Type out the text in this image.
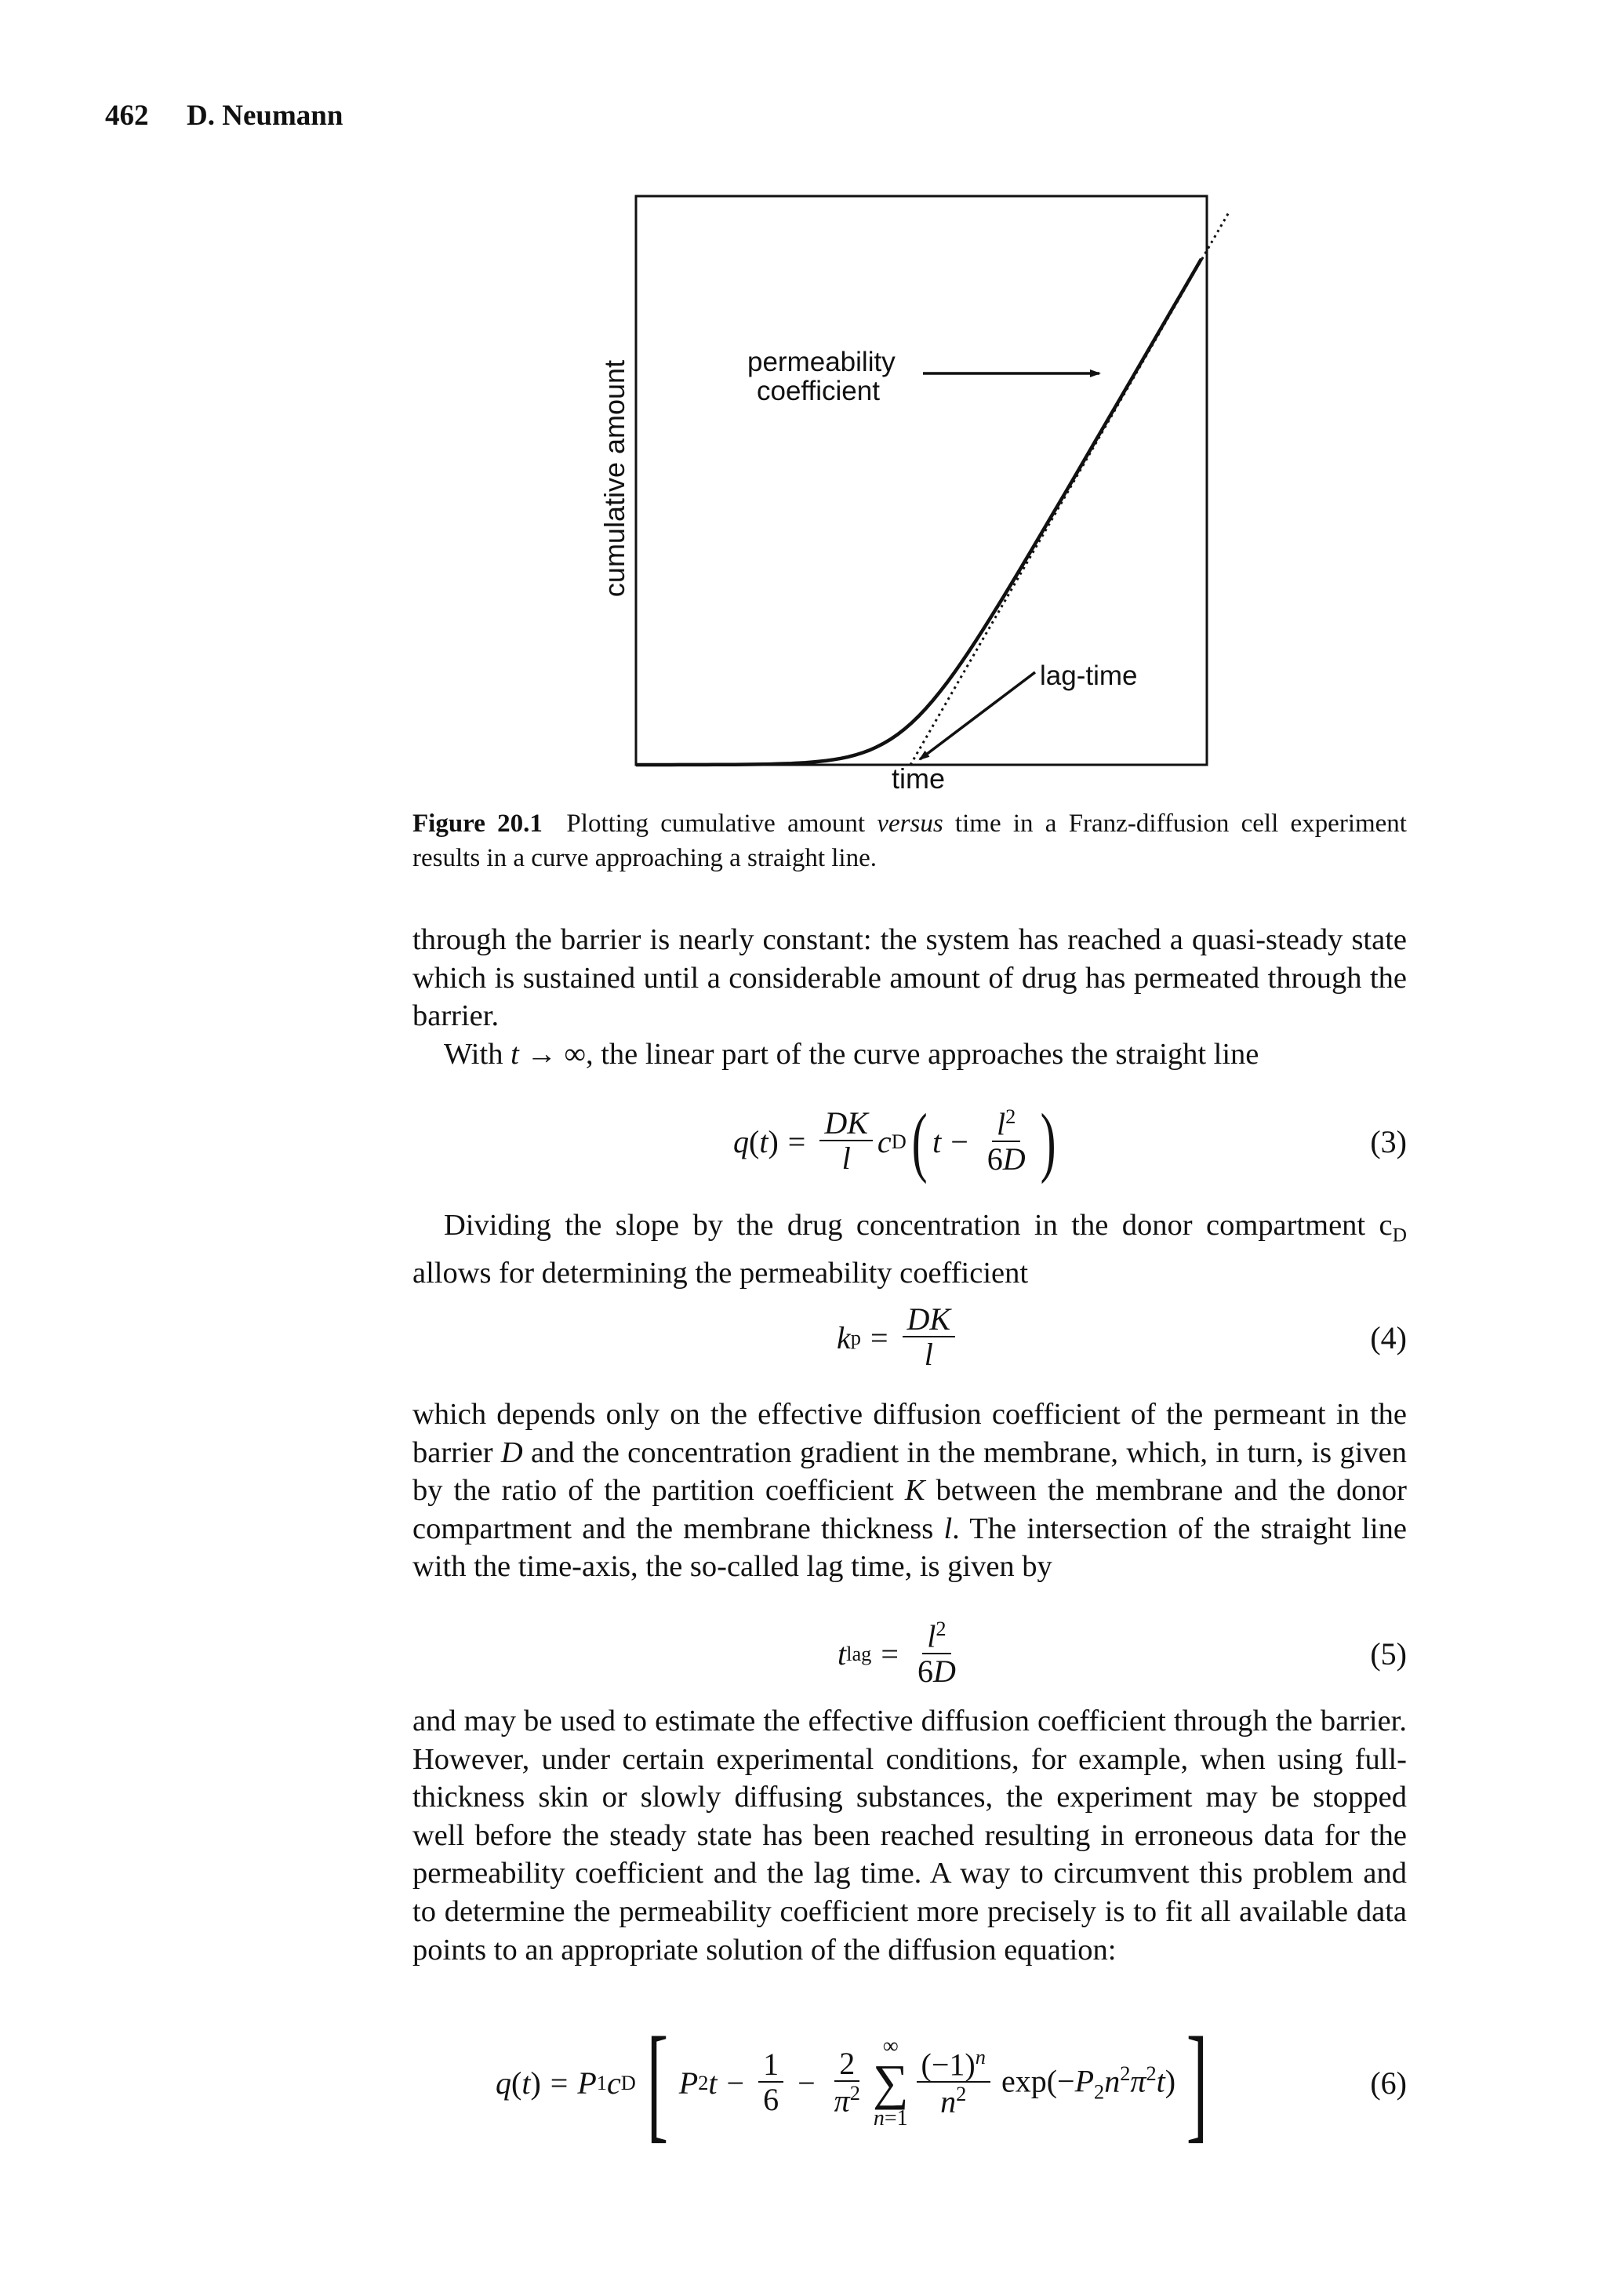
462 D. Neumann
permeability
coefficient
lag-time
time
cumulative amount
Figure 20.1 Plotting cumulative amount versus time in a Franz-diffusion cell experiment results in a curve approaching a straight line.

through the barrier is nearly constant: the system has reached a quasi-steady state which is sustained until a considerable amount of drug has permeated through the barrier.

With t → ∞, the linear part of the curve approaches the straight line

q ( t ) = $\frac{DK}{l}$ c D ( $t - \frac{l^2}{6D}$ )	(3)

Dividing the slope by the drug concentration in the donor compartment $c_D$ allows for determining the permeability coefficient

k $p = \frac{DK}{l}$	(4)

which depends only on the effective diffusion coefficient of the permeant in the barrier D and the concentration gradient in the membrane, which, in turn, is given by the ratio of the partition coefficient K between the membrane and the donor compartment and the membrane thickness l. The intersection of the straight line with the time-axis, the so-called lag time, is given by

t lag = $\frac{l^2}{6D}$	(5)

and may be used to estimate the effective diffusion coefficient through the barrier. However, under certain experimental conditions, for example, when using full-thickness skin or slowly diffusing substances, the experiment may be stopped well before the steady state has been reached resulting in erroneous data for the permeability coefficient and the lag time. A way to circumvent this problem and to determine the permeability coefficient more precisely is to fit all available data points to an appropriate solution of the diffusion equation:

q ( t ) = P 1 c D [ P 2 $t - \frac{1}{6} - \frac{2}{\pi^2}$
∞
∑
$n=1 \frac{(-1)^n}{n^2} \exp(-P_2n^2\pi^2t)$ ]	(6)
